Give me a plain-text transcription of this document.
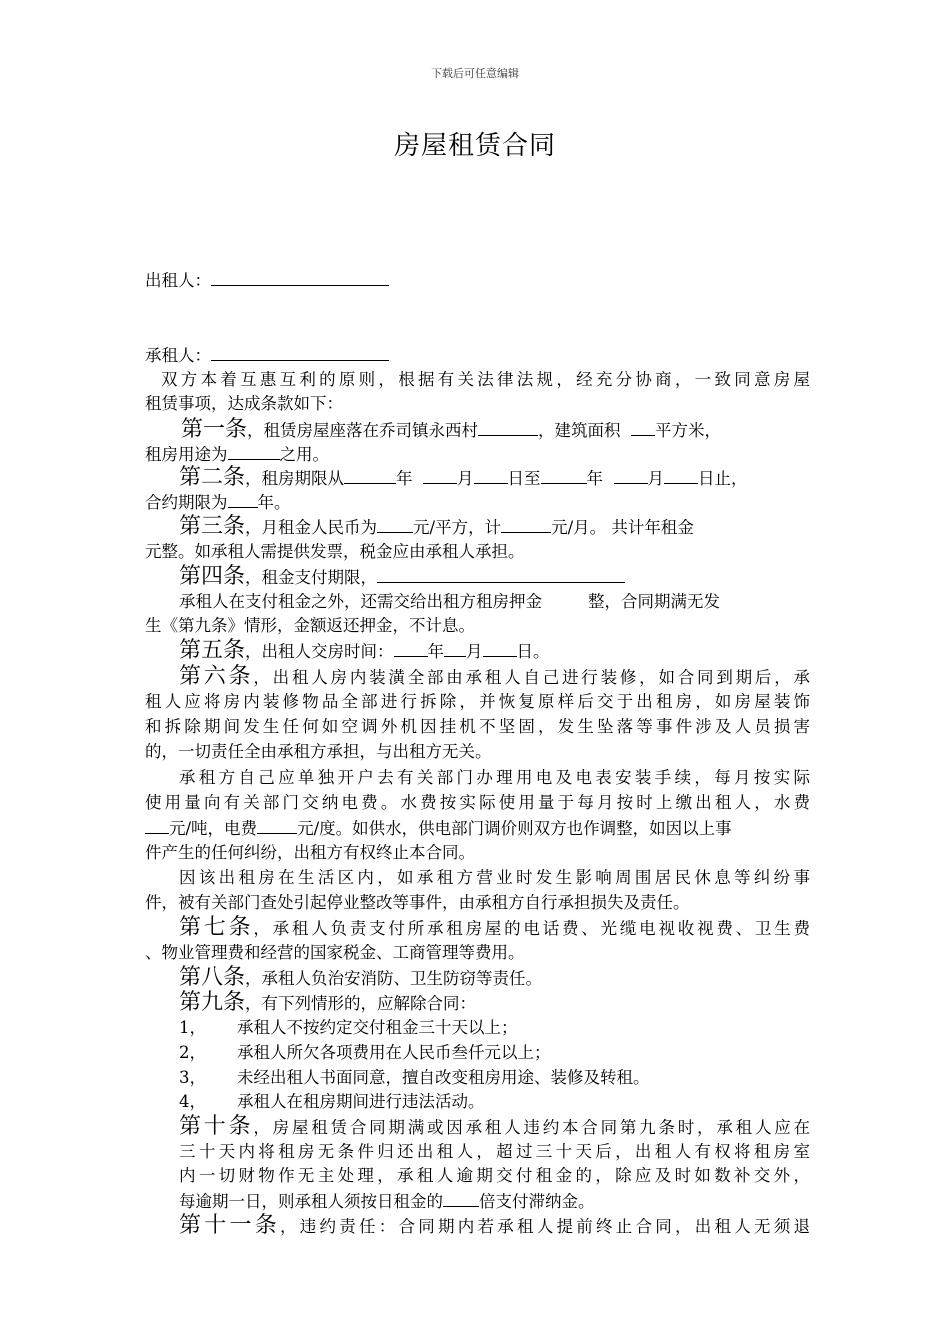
下载后可任意编辑
房屋租赁合同
出租人：
承租人：
双方本着互惠互利的原则，根据有关法律法规，经充分协商，一致同意房屋
租赁事项，达成条款如下：
第一条，租赁房屋座落在乔司镇永西村	，建筑面积 平方米，
租房用途为	之用。
第二条，租房期限从	年	月 日至	年	月 日止，
合约期限为 年。
第三条，月租金人民币为 元/平方，计	元/月。 共计年租金
元整。如承租人需提供发票，税金应由承租人承担。
第四条，租金支付期限，
承租人在支付租金之外，还需交给出租方租房押金	整，合同期满无发
生《第九条》情形，金额返还押金，不计息。
第五条，出租人交房时间： 年 月 日。
第六条，出租人房内装潢全部由承租人自己进行装修，如合同到期后，承
租人应将房内装修物品全部进行拆除，并恢复原样后交于出租房，如房屋装饰
和拆除期间发生任何如空调外机因挂机不坚固，发生坠落等事件涉及人员损害
的，一切责任全由承租方承担，与出租方无关。
承租方自己应单独开户去有关部门办理用电及电表安装手续，每月按实际
使用量向有关部门交纳电费。水费按实际使用量于每月按时上缴出租人，水费
元/吨，电费 元/度。如供水，供电部门调价则双方也作调整，如因以上事
件产生的任何纠纷，出租方有权终止本合同。
因该出租房在生活区内，如承租方营业时发生影响周围居民休息等纠纷事
件，被有关部门查处引起停业整改等事件，由承租方自行承担损失及责任。
第七条，承租人负责支付所承租房屋的电话费、光缆电视收视费、卫生费
、物业管理费和经营的国家税金、工商管理等费用。
第八条，承租人负治安消防、卫生防窃等责任。
第九条，有下列情形的，应解除合同：
1， 承租人不按约定交付租金三十天以上；
2， 承租人所欠各项费用在人民币叁仟元以上；
3， 未经出租人书面同意，擅自改变租房用途、装修及转租。
4， 承租人在租房期间进行违法活动。
第十条，房屋租赁合同期满或因承租人违约本合同第九条时，承租人应在
三十天内将租房无条件归还出租人，超过三十天后，出租人有权将租房室
内一切财物作无主处理，承租人逾期交付租金的，除应及时如数补交外，
每逾期一日，则承租人须按日租金的 倍支付滞纳金。
第十一条，违约责任：合同期内若承租人提前终止合同，出租人无须退
